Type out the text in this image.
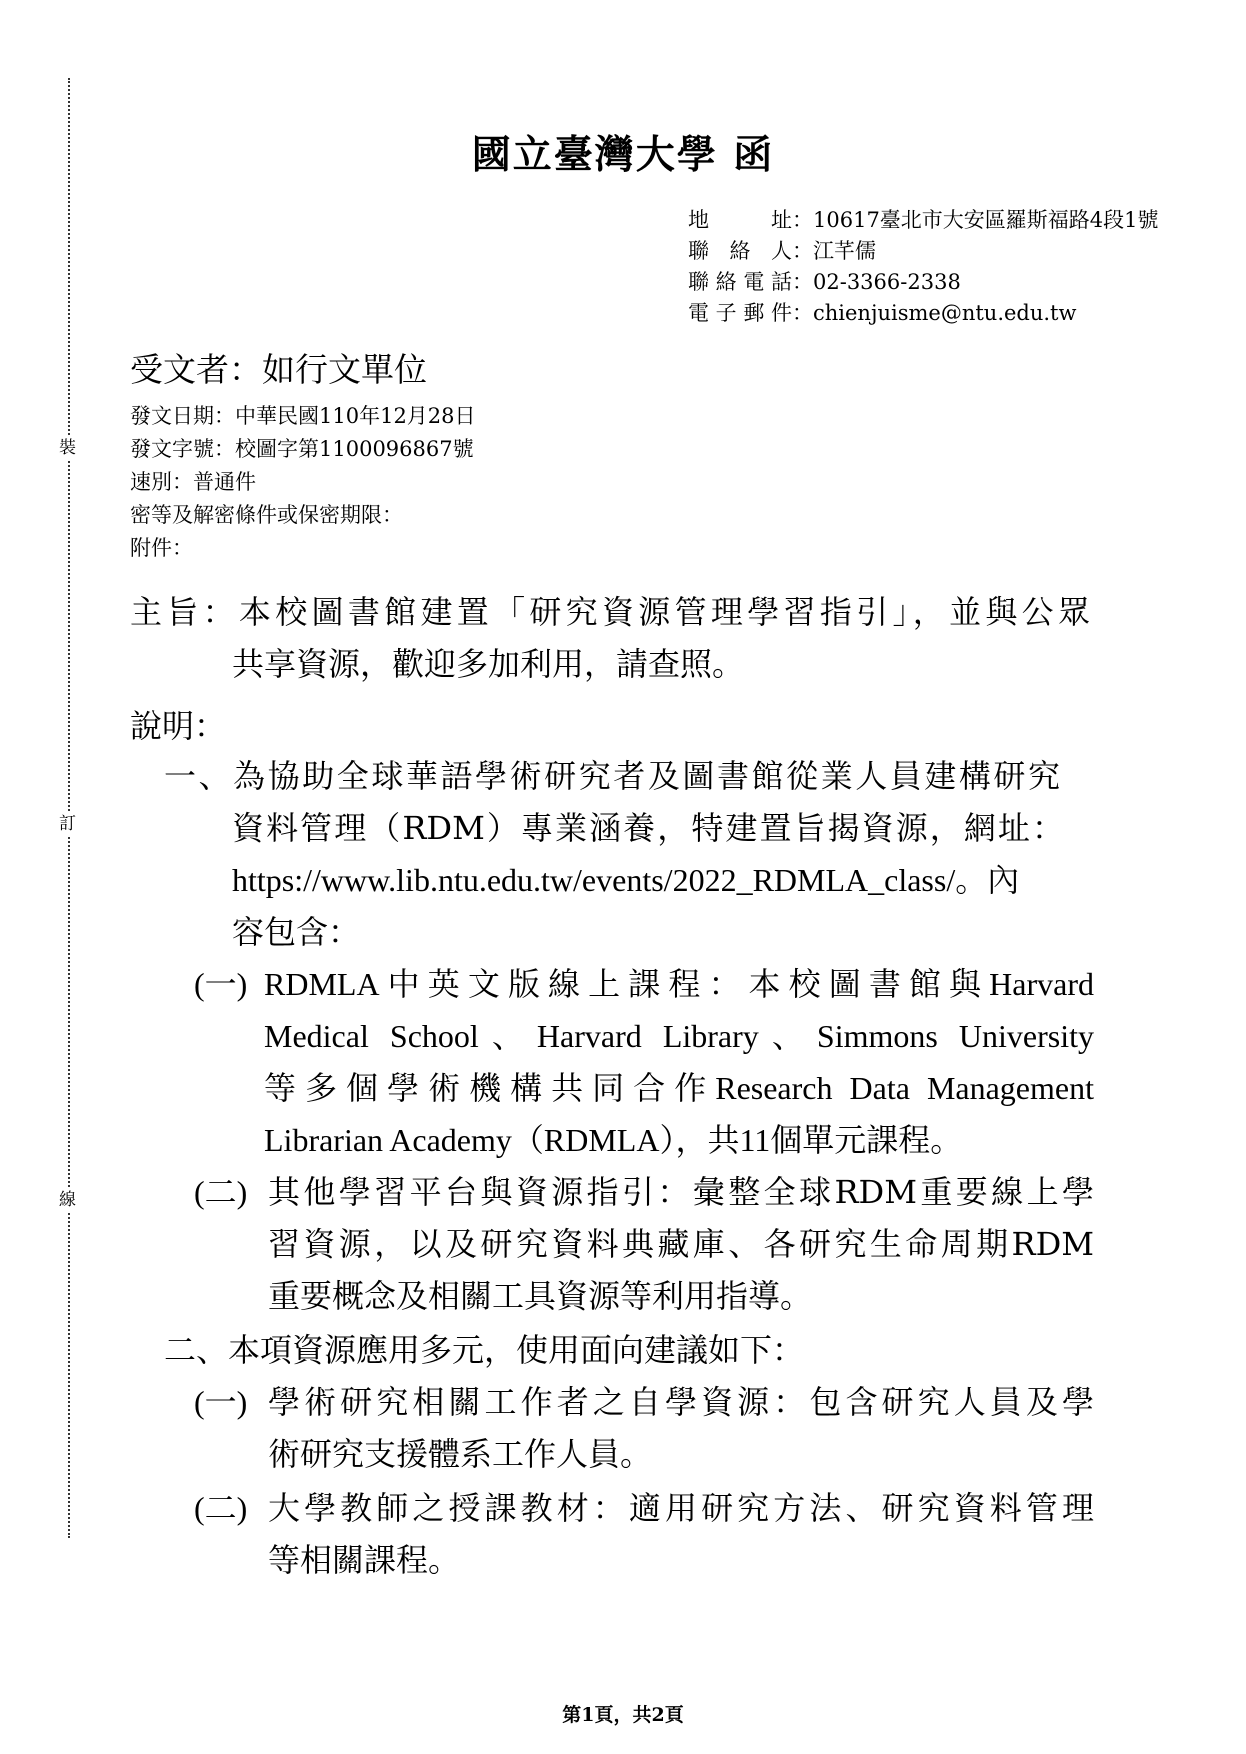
裝
訂
線
國立臺灣大學 函
地　址：10617臺北市大安區羅斯福路4段1號
聯絡人：江芊儒
聯絡電話：02-3366-2338
電子郵件：chienjuisme@ntu.edu.tw
受文者：如行文單位
發文日期：中華民國110年12月28日
發文字號：校圖字第1100096867號
速別：普通件
密等及解密條件或保密期限：
附件：
主旨：本校圖書館建置「研究資源管理學習指引」，並與公眾
共享資源，歡迎多加利用，請查照。
說明：
一、為協助全球華語學術研究者及圖書館從業人員建構研究
資料管理（RDM）專業涵養，特建置旨揭資源，網址：
https://www.lib.ntu.edu.tw/events/2022_RDMLA_class/。內
容包含：
(一) RDMLA中英文版線上課程：本校圖書館與Harvard
Medical School、Harvard Library、Simmons University
等多個學術機構共同合作Research Data Management
Librarian Academy（RDMLA），共11個單元課程。
(二) 其他學習平台與資源指引：彙整全球RDM重要線上學
習資源，以及研究資料典藏庫、各研究生命周期RDM
重要概念及相關工具資源等利用指導。
二、本項資源應用多元，使用面向建議如下：
(一) 學術研究相關工作者之自學資源：包含研究人員及學
術研究支援體系工作人員。
(二) 大學教師之授課教材：適用研究方法、研究資料管理
等相關課程。
第1頁，共2頁
